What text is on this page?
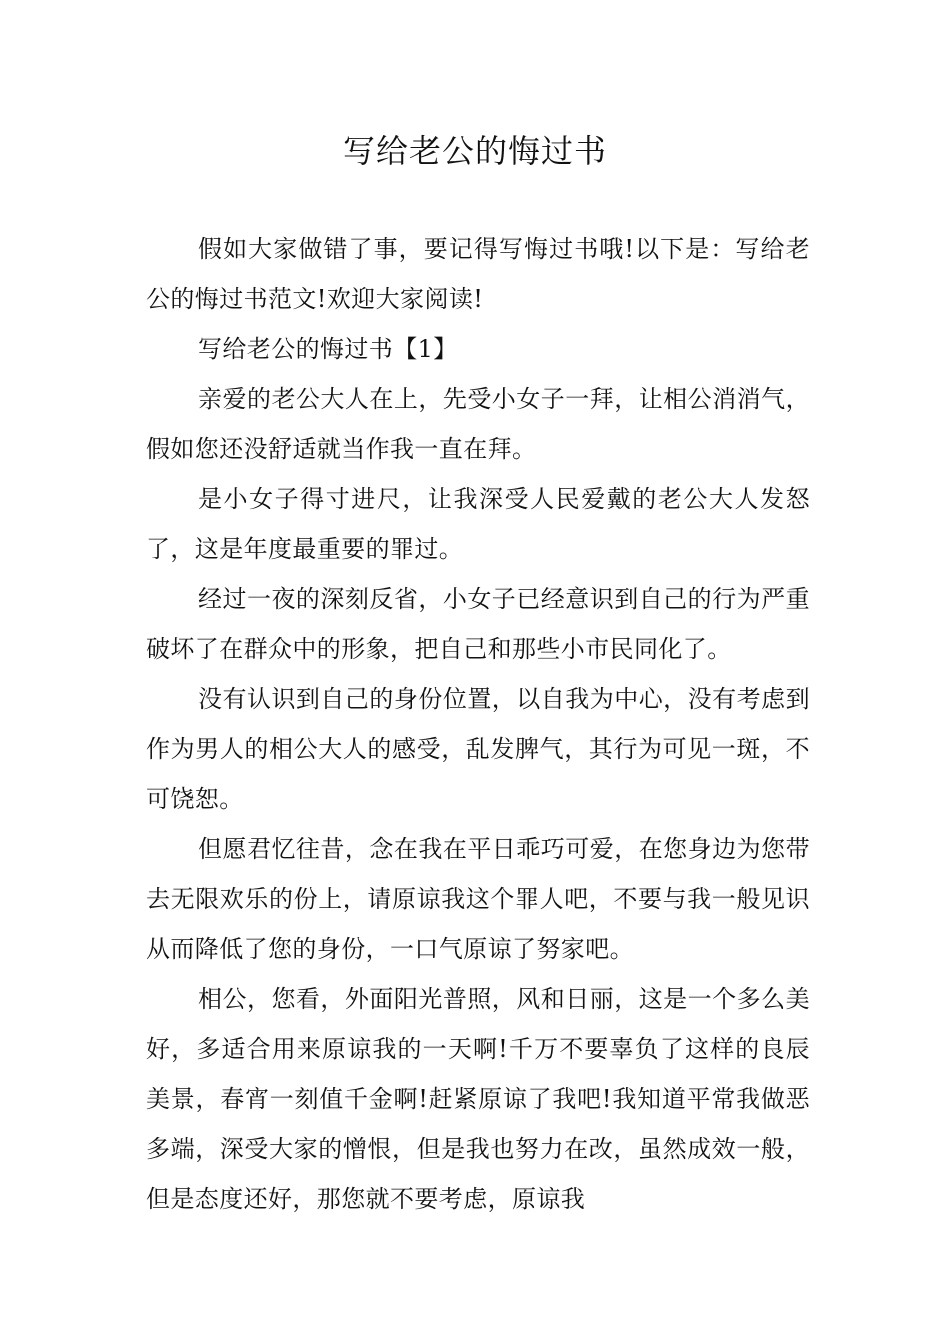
写给老公的悔过书

假如大家做错了事，要记得写悔过书哦!以下是：写给老公的悔过书范文!欢迎大家阅读!

写给老公的悔过书【1】

亲爱的老公大人在上，先受小女子一拜，让相公消消气，假如您还没舒适就当作我一直在拜。

是小女子得寸进尺，让我深受人民爱戴的老公大人发怒了，这是年度最重要的罪过。

经过一夜的深刻反省，小女子已经意识到自己的行为严重破坏了在群众中的形象，把自己和那些小市民同化了。

没有认识到自己的身份位置，以自我为中心，没有考虑到作为男人的相公大人的感受，乱发脾气，其行为可见一斑，不可饶恕。

但愿君忆往昔，念在我在平日乖巧可爱，在您身边为您带去无限欢乐的份上，请原谅我这个罪人吧，不要与我一般见识从而降低了您的身份，一口气原谅了努家吧。

相公，您看，外面阳光普照，风和日丽，这是一个多么美好，多适合用来原谅我的一天啊!千万不要辜负了这样的良辰美景，春宵一刻值千金啊!赶紧原谅了我吧!我知道平常我做恶多端，深受大家的憎恨，但是我也努力在改，虽然成效一般，但是态度还好，那您就不要考虑，原谅我
